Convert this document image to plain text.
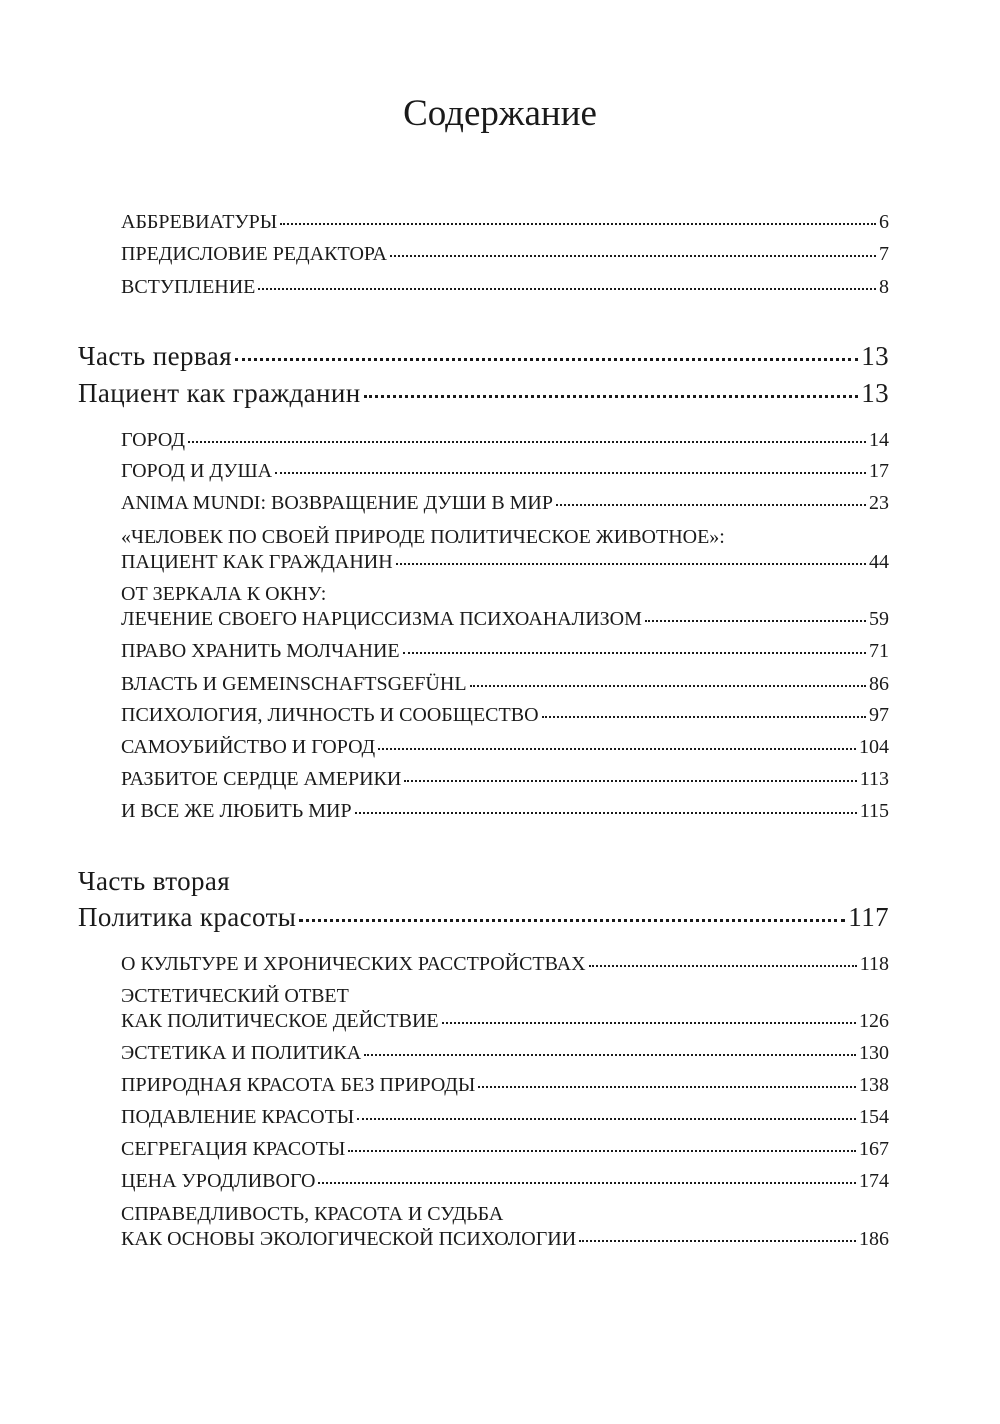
Содержание
АББРЕВИАТУРЫ	6
ПРЕДИСЛОВИЕ РЕДАКТОРА	7
ВСТУПЛЕНИЕ	8
Часть первая	13
Пациент как гражданин	13
ГОРОД	14
ГОРОД И ДУША	17
ANIMA MUNDI: ВОЗВРАЩЕНИЕ ДУШИ В МИР	23
«ЧЕЛОВЕК ПО СВОЕЙ ПРИРОДЕ ПОЛИТИЧЕСКОЕ ЖИВОТНОЕ»:
ПАЦИЕНТ КАК ГРАЖДАНИН	44
ОТ ЗЕРКАЛА К ОКНУ:
ЛЕЧЕНИЕ СВОЕГО НАРЦИССИЗМА ПСИХОАНАЛИЗОМ	59
ПРАВО ХРАНИТЬ МОЛЧАНИЕ	71
ВЛАСТЬ И GEMEINSCHAFTSGEFÜHL	86
ПСИХОЛОГИЯ, ЛИЧНОСТЬ И СООБЩЕСТВО	97
САМОУБИЙСТВО И ГОРОД	104
РАЗБИТОЕ СЕРДЦЕ АМЕРИКИ	113
И ВСЕ ЖЕ ЛЮБИТЬ МИР	115
Часть вторая
Политика красоты	117
О КУЛЬТУРЕ И ХРОНИЧЕСКИХ РАССТРОЙСТВАХ	118
ЭСТЕТИЧЕСКИЙ ОТВЕТ
КАК ПОЛИТИЧЕСКОЕ ДЕЙСТВИЕ	126
ЭСТЕТИКА И ПОЛИТИКА	130
ПРИРОДНАЯ КРАСОТА БЕЗ ПРИРОДЫ	138
ПОДАВЛЕНИЕ КРАСОТЫ	154
СЕГРЕГАЦИЯ КРАСОТЫ	167
ЦЕНА УРОДЛИВОГО	174
СПРАВЕДЛИВОСТЬ, КРАСОТА И СУДЬБА
КАК ОСНОВЫ ЭКОЛОГИЧЕСКОЙ ПСИХОЛОГИИ	186
